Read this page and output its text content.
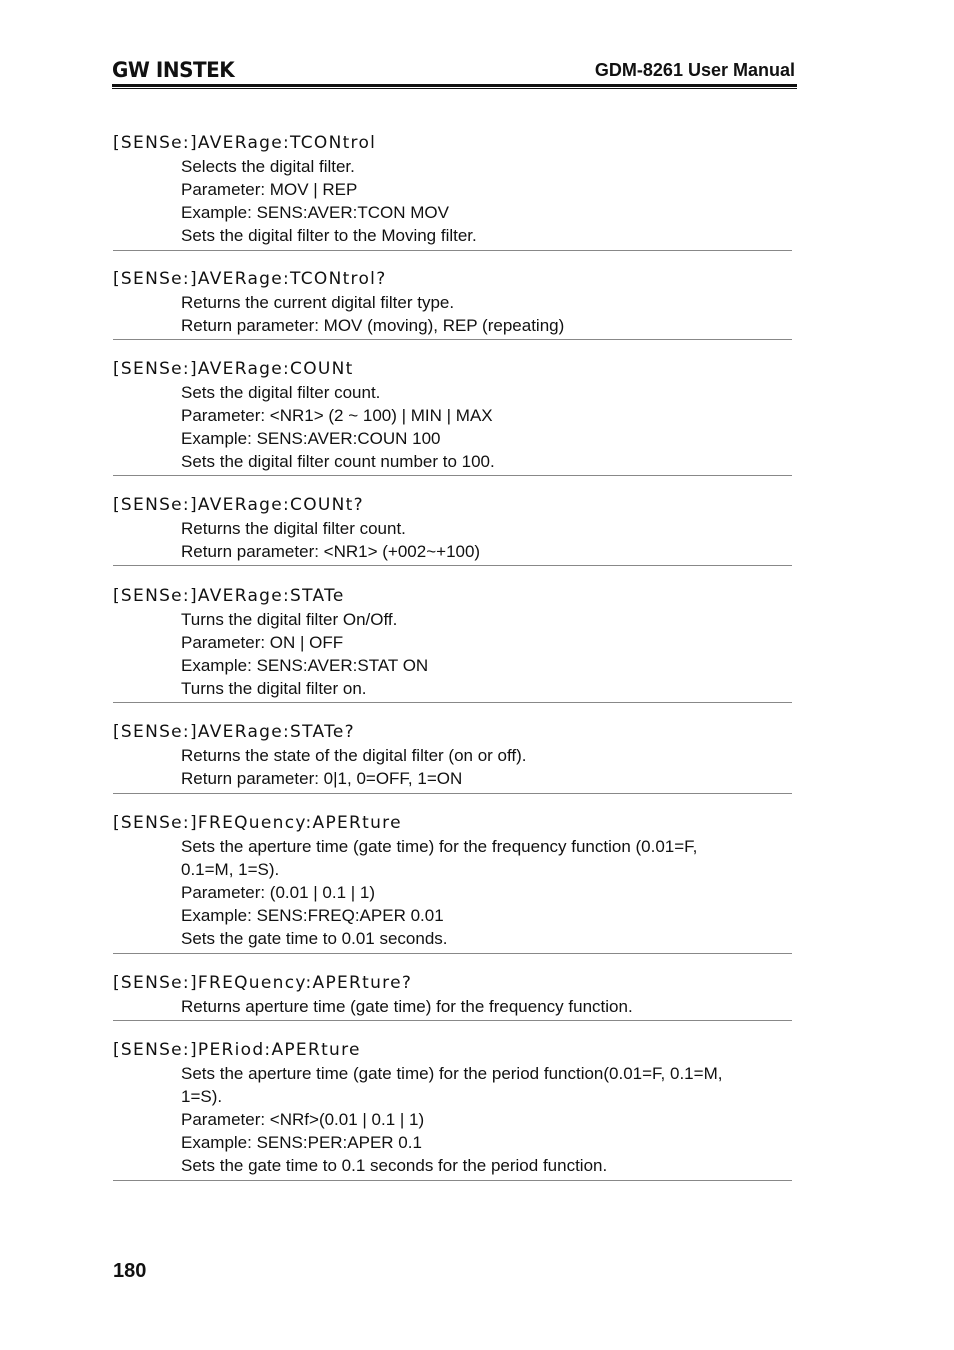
GW INSTEK	GDM-8261 User Manual
[SENSe:]AVERage:TCONtrol
Selects the digital filter.
Parameter: MOV | REP
Example: SENS:AVER:TCON MOV
Sets the digital filter to the Moving filter.
[SENSe:]AVERage:TCONtrol?
Returns the current digital filter type.
Return parameter: MOV (moving), REP (repeating)
[SENSe:]AVERage:COUNt
Sets the digital filter count.
Parameter: <NR1> (2 ~ 100) | MIN | MAX
Example: SENS:AVER:COUN 100
Sets the digital filter count number to 100.
[SENSe:]AVERage:COUNt?
Returns the digital filter count.
Return parameter: <NR1> (+002~+100)
[SENSe:]AVERage:STATe
Turns the digital filter On/Off.
Parameter: ON | OFF
Example: SENS:AVER:STAT ON
Turns the digital filter on.
[SENSe:]AVERage:STATe?
Returns the state of the digital filter (on or off).
Return parameter: 0|1, 0=OFF, 1=ON
[SENSe:]FREQuency:APERture
Sets the aperture time (gate time) for the frequency function (0.01=F,
0.1=M, 1=S).
Parameter: (0.01 | 0.1 | 1)
Example: SENS:FREQ:APER 0.01
Sets the gate time to 0.01 seconds.
[SENSe:]FREQuency:APERture?
Returns aperture time (gate time) for the frequency function.
[SENSe:]PERiod:APERture
Sets the aperture time (gate time) for the period function(0.01=F, 0.1=M,
1=S).
Parameter: <NRf>(0.01 | 0.1 | 1)
Example: SENS:PER:APER 0.1
Sets the gate time to 0.1 seconds for the period function.
180
